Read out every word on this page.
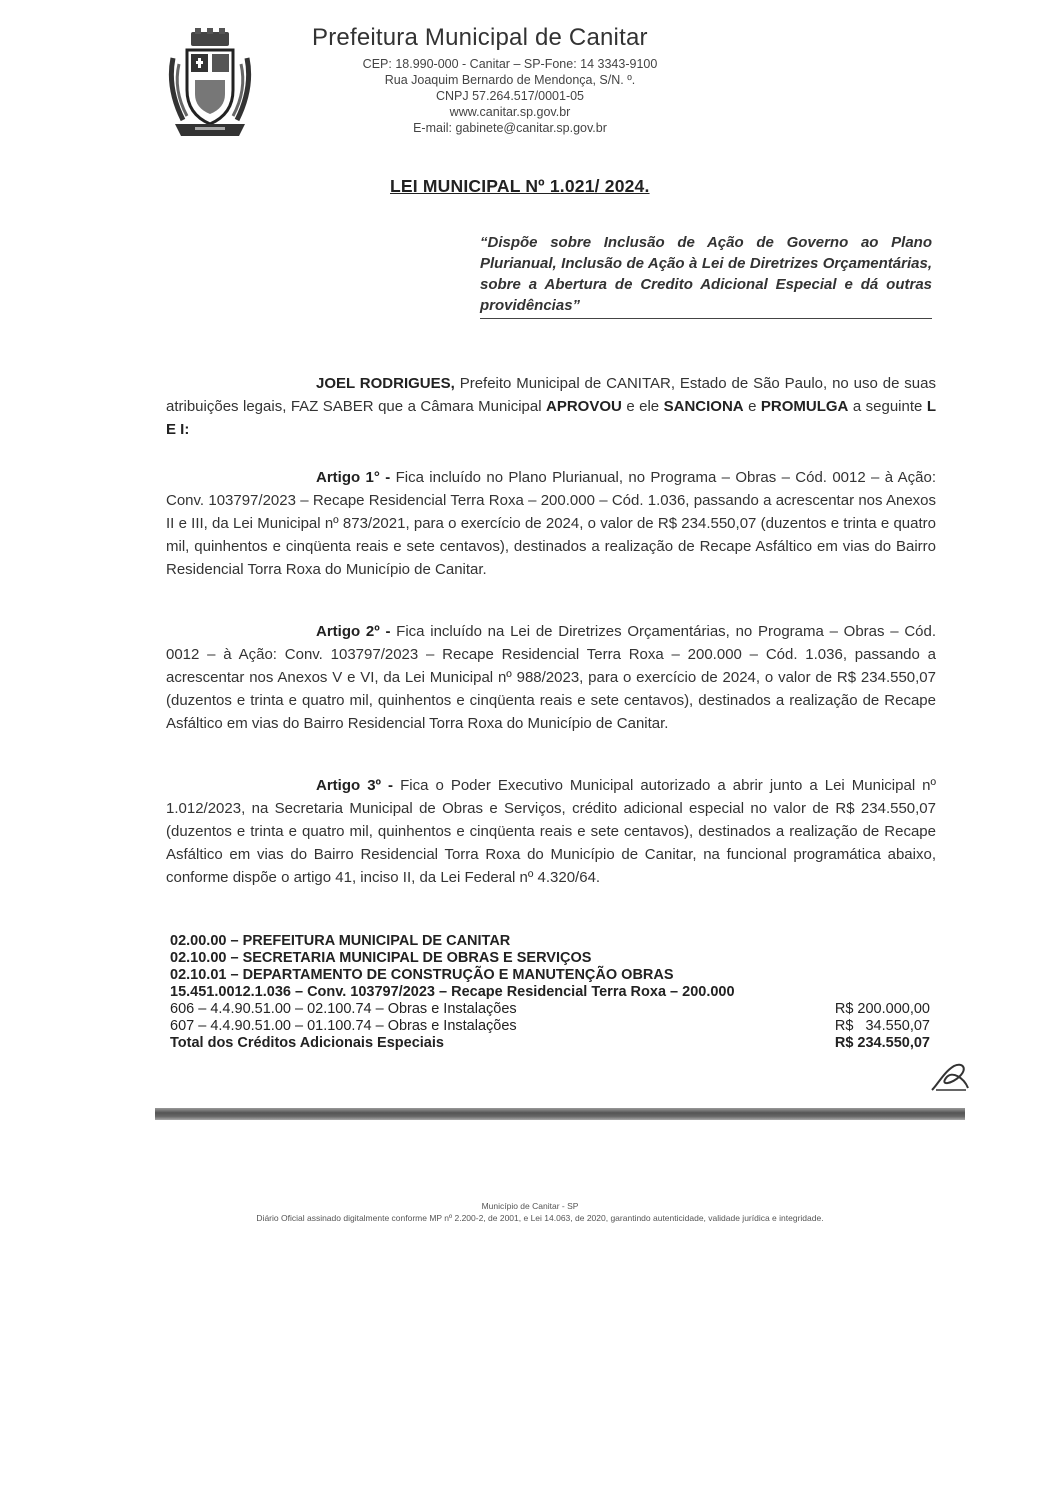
Prefeitura Municipal de Canitar
CEP: 18.990-000 - Canitar – SP-Fone: 14 3343-9100
Rua Joaquim Bernardo de Mendonça, S/N. º.
CNPJ 57.264.517/0001-05
www.canitar.sp.gov.br
E-mail: gabinete@canitar.sp.gov.br
LEI MUNICIPAL Nº 1.021/ 2024.
“Dispõe sobre Inclusão de Ação de Governo ao Plano Plurianual, Inclusão de Ação à Lei de Diretrizes Orçamentárias, sobre a Abertura de Credito Adicional Especial e dá outras providências”
JOEL RODRIGUES, Prefeito Municipal de CANITAR, Estado de São Paulo, no uso de suas atribuições legais, FAZ SABER que a Câmara Municipal APROVOU e ele SANCIONA e PROMULGA a seguinte L E I:
Artigo 1° - Fica incluído no Plano Plurianual, no Programa – Obras – Cód. 0012 – à Ação: Conv. 103797/2023 – Recape Residencial Terra Roxa – 200.000 – Cód. 1.036, passando a acrescentar nos Anexos II e III, da Lei Municipal nº 873/2021, para o exercício de 2024, o valor de R$ 234.550,07 (duzentos e trinta e quatro mil, quinhentos e cinqüenta reais e sete centavos), destinados a realização de Recape Asfáltico em vias do Bairro Residencial Torra Roxa do Município de Canitar.
Artigo 2º - Fica incluído na Lei de Diretrizes Orçamentárias, no Programa – Obras – Cód. 0012 – à Ação: Conv. 103797/2023 – Recape Residencial Terra Roxa – 200.000 – Cód. 1.036, passando a acrescentar nos Anexos V e VI, da Lei Municipal nº 988/2023, para o exercício de 2024, o valor de R$ 234.550,07 (duzentos e trinta e quatro mil, quinhentos e cinqüenta reais e sete centavos), destinados a realização de Recape Asfáltico em vias do Bairro Residencial Torra Roxa do Município de Canitar.
Artigo 3º - Fica o Poder Executivo Municipal autorizado a abrir junto a Lei Municipal nº 1.012/2023, na Secretaria Municipal de Obras e Serviços, crédito adicional especial no valor de R$ 234.550,07 (duzentos e trinta e quatro mil, quinhentos e cinqüenta reais e sete centavos), destinados a realização de Recape Asfáltico em vias do Bairro Residencial Torra Roxa do Município de Canitar, na funcional programática abaixo, conforme dispõe o artigo 41, inciso II, da Lei Federal nº 4.320/64.
02.00.00 – PREFEITURA MUNICIPAL DE CANITAR
02.10.00 – SECRETARIA MUNICIPAL DE OBRAS E SERVIÇOS
02.10.01 – DEPARTAMENTO DE CONSTRUÇÃO E MANUTENÇÃO OBRAS
15.451.0012.1.036 – Conv. 103797/2023 – Recape Residencial Terra Roxa – 200.000
606 – 4.4.90.51.00 – 02.100.74 – Obras e Instalações	R$ 200.000,00
607 – 4.4.90.51.00 – 01.100.74 – Obras e Instalações	R$   34.550,07
Total dos Créditos Adicionais Especiais	R$ 234.550,07
Município de Canitar - SP
Diário Oficial assinado digitalmente conforme MP nº 2.200-2, de 2001, e Lei 14.063, de 2020, garantindo autenticidade, validade jurídica e integridade.
